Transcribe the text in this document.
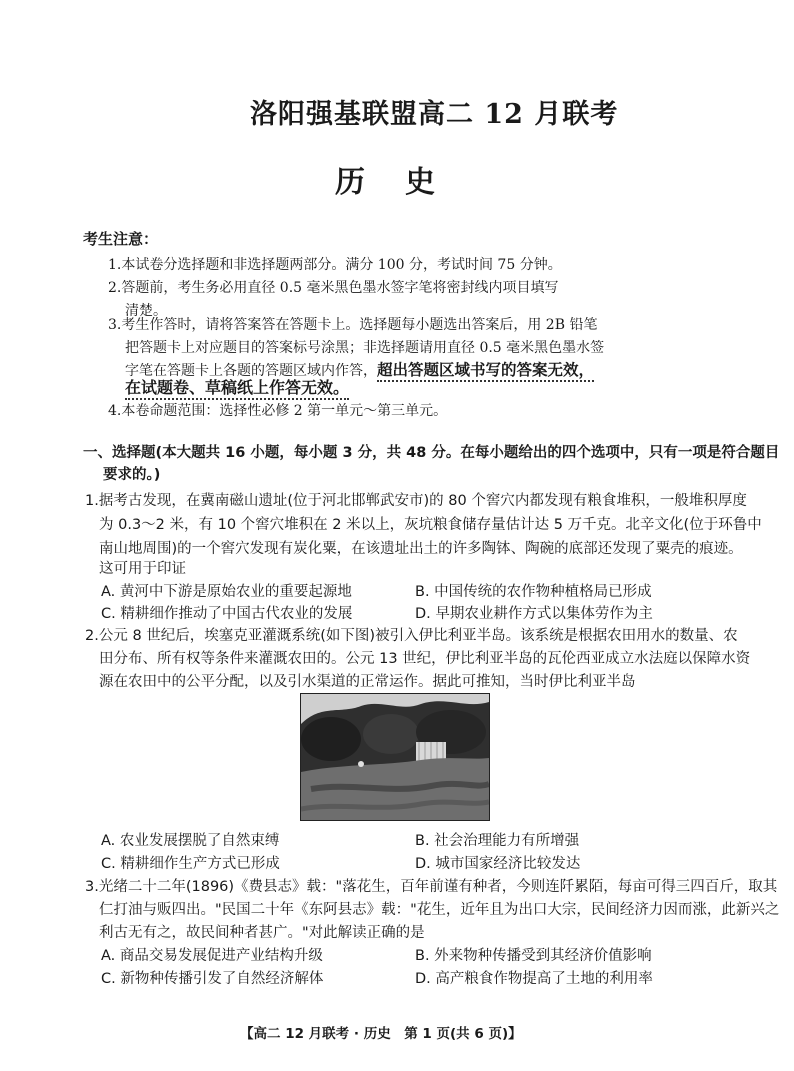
洛阳强基联盟高二 12 月联考
历史
考生注意：
1.本试卷分选择题和非选择题两部分。满分 100 分，考试时间 75 分钟。
2.答题前，考生务必用直径 0.5 毫米黑色墨水签字笔将密封线内项目填写
清楚。
3.考生作答时，请将答案答在答题卡上。选择题每小题选出答案后，用 2B 铅笔
把答题卡上对应题目的答案标号涂黑；非选择题请用直径 0.5 毫米黑色墨水签
字笔在答题卡上各题的答题区域内作答，超出答题区域书写的答案无效，
在试题卷、草稿纸上作答无效。
4.本卷命题范围：选择性必修 2 第一单元～第三单元。
一、选择题(本大题共 16 小题，每小题 3 分，共 48 分。在每小题给出的四个选项中，只有一项是符合题目
要求的。)
1.据考古发现，在冀南磁山遗址(位于河北邯郸武安市)的 80 个窖穴内都发现有粮食堆积，一般堆积厚度
为 0.3～2 米，有 10 个窖穴堆积在 2 米以上，灰坑粮食储存量估计达 5 万千克。北辛文化(位于环鲁中
南山地周围)的一个窖穴发现有炭化粟，在该遗址出土的许多陶钵、陶碗的底部还发现了粟壳的痕迹。
这可用于印证
A. 黄河中下游是原始农业的重要起源地	B. 中国传统的农作物种植格局已形成
C. 精耕细作推动了中国古代农业的发展	D. 早期农业耕作方式以集体劳作为主
2.公元 8 世纪后，埃塞克亚灌溉系统(如下图)被引入伊比利亚半岛。该系统是根据农田用水的数量、农
田分布、所有权等条件来灌溉农田的。公元 13 世纪，伊比利亚半岛的瓦伦西亚成立水法庭以保障水资
源在农田中的公平分配，以及引水渠道的正常运作。据此可推知，当时伊比利亚半岛
A. 农业发展摆脱了自然束缚	B. 社会治理能力有所增强
C. 精耕细作生产方式已形成	D. 城市国家经济比较发达
3.光绪二十二年(1896)《费县志》载："落花生，百年前谨有种者，今则连阡累陌，每亩可得三四百斤，取其
仁打油与贩四出。"民国二十年《东阿县志》载："花生，近年且为出口大宗，民间经济力因而涨，此新兴之
利古无有之，故民间种者甚广。"对此解读正确的是
A. 商品交易发展促进产业结构升级	B. 外来物种传播受到其经济价值影响
C. 新物种传播引发了自然经济解体	D. 高产粮食作物提高了土地的利用率
【高二 12 月联考 · 历史　第 1 页(共 6 页)】
